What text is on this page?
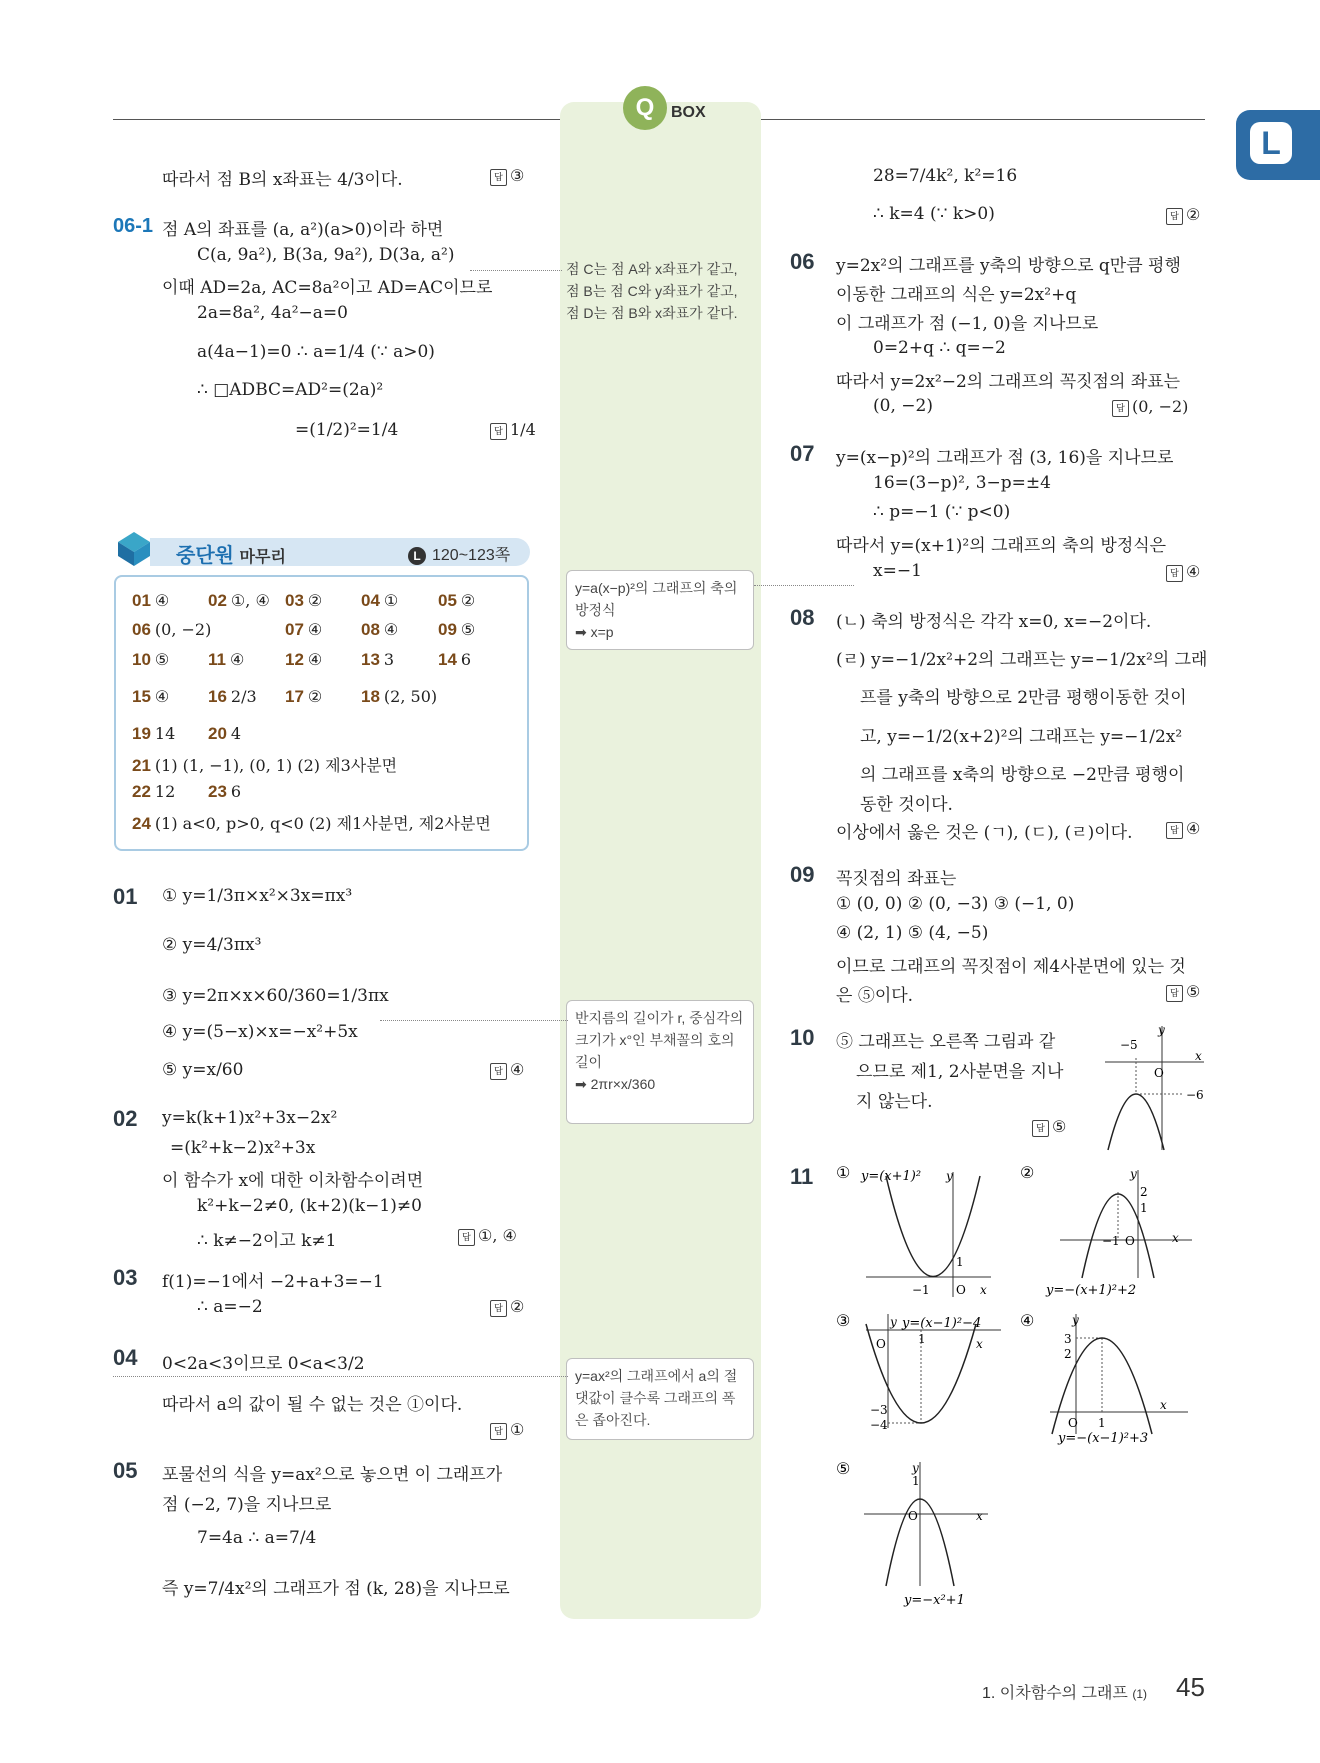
Q	BOX
L
점 C는 점 A와 x좌표가 같고, 점 B는 점 C와 y좌표가 같고, 점 D는 점 B와 x좌표가 같다.
y=a(x−p)²의 그래프의 축의 방정식
➡ x=p
반지름의 길이가 r, 중심각의 크기가 x°인 부채꼴의 호의 길이
➡ 2πr×x/360
y=ax²의 그래프에서 a의 절댓값이 클수록 그래프의 폭은 좁아진다.
따라서 점 B의 x좌표는 4/3이다.	답 ③
06-1 점 A의 좌표를 (a, a²)(a>0)이라 하면
C(a, 9a²), B(3a, 9a²), D(3a, a²)
이때 AD=2a, AC=8a²이고 AD=AC이므로
2a=8a², 4a²−a=0
a(4a−1)=0 ∴ a=1/4 (∵ a>0)
∴ □ADBC=AD²=(2a)²
=(1/2)²=1/4	답 1/4
중단원 마무리	L 120~123쪽
01 ④ 02 ①, ④ 03 ② 04 ① 05 ②
06 (0, −2)	07 ④ 08 ④ 09 ⑤
10 ⑤ 11 ④ 12 ④ 13 3	14 6
15 ④ 16 2/3 17 ② 18 (2, 50)
19 14 20 4
21 (1) (1, −1), (0, 1) (2) 제3사분면
22 12 23 6
24 (1) a<0, p>0, q<0 (2) 제1사분면, 제2사분면
01 ① y=1/3π×x²×3x=πx³
② y=4/3πx³
③ y=2π×x×60/360=1/3πx
④ y=(5−x)×x=−x²+5x
⑤ y=x/60	답 ④
02 y=k(k+1)x²+3x−2x²
=(k²+k−2)x²+3x
이 함수가 x에 대한 이차함수이려면
k²+k−2≠0, (k+2)(k−1)≠0
∴ k≠−2이고 k≠1	답 ①, ④
03 f(1)=−1에서 −2+a+3=−1
∴ a=−2	답 ②
04 0<2a<3이므로 0<a<3/2
따라서 a의 값이 될 수 없는 것은 ①이다.
답 ①
05 포물선의 식을 y=ax²으로 놓으면 이 그래프가
점 (−2, 7)을 지나므로
7=4a ∴ a=7/4
즉 y=7/4x²의 그래프가 점 (k, 28)을 지나므로
28=7/4k², k²=16
∴ k=4 (∵ k>0)	답 ②
06 y=2x²의 그래프를 y축의 방향으로 q만큼 평행
이동한 그래프의 식은 y=2x²+q
이 그래프가 점 (−1, 0)을 지나므로
0=2+q ∴ q=−2
따라서 y=2x²−2의 그래프의 꼭짓점의 좌표는
(0, −2)	답 (0, −2)
07 y=(x−p)²의 그래프가 점 (3, 16)을 지나므로
16=(3−p)², 3−p=±4
∴ p=−1 (∵ p<0)
따라서 y=(x+1)²의 그래프의 축의 방정식은
x=−1	답 ④
08 (ㄴ) 축의 방정식은 각각 x=0, x=−2이다.
(ㄹ) y=−1/2x²+2의 그래프는 y=−1/2x²의 그래
프를 y축의 방향으로 2만큼 평행이동한 것이
고, y=−1/2(x+2)²의 그래프는 y=−1/2x²
의 그래프를 x축의 방향으로 −2만큼 평행이
동한 것이다.
이상에서 옳은 것은 (ㄱ), (ㄷ), (ㄹ)이다.	답 ④
09 꼭짓점의 좌표는
① (0, 0) ② (0, −3) ③ (−1, 0)
④ (2, 1) ⑤ (4, −5)
이므로 그래프의 꼭짓점이 제4사분면에 있는 것
은 ⑤이다.	답 ⑤
10 ⑤ 그래프는 오른쪽 그림과 같
으므로 제1, 2사분면을 지나
지 않는다.
답 ⑤
y
x
O
−5
−6
11 ① y=(x+1)² y
x
O
−1
1
②	y
x
2
1
−1 O
y=−(x+1)²+2
③	y y=(x−1)²−4
x
O	1
−3
−4
④	y
x
3
2
O 1
y=−(x−1)²+3
⑤	y
x
1
O
y=−x²+1
1. 이차함수의 그래프 (1) 45
